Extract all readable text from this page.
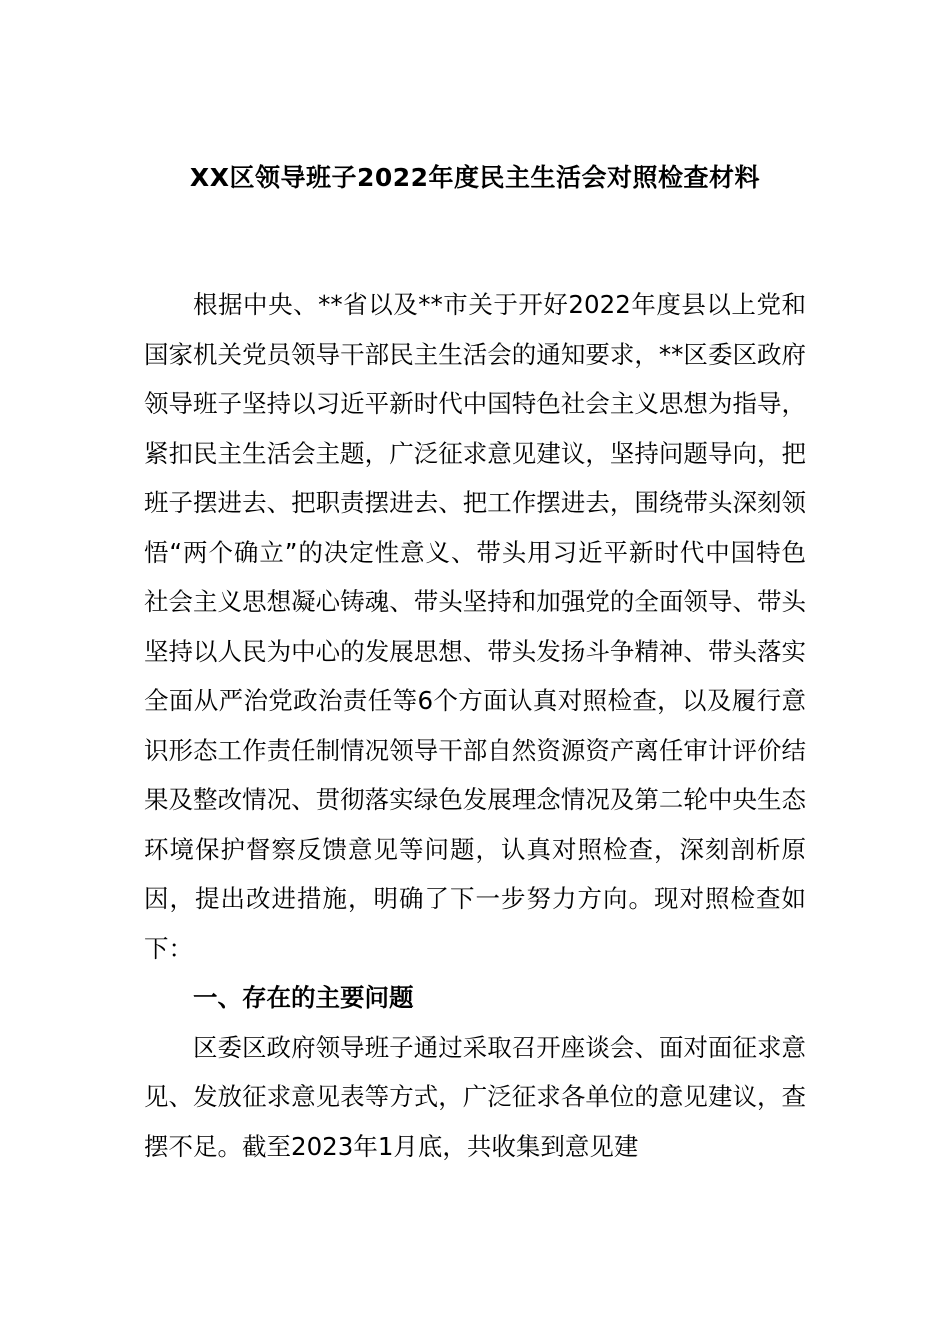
XX区领导班子2022年度民主生活会对照检查材料

根据中央、**省以及**市关于开好2022年度县以上党和国家机关党员领导干部民主生活会的通知要求，**区委区政府领导班子坚持以习近平新时代中国特色社会主义思想为指导，紧扣民主生活会主题，广泛征求意见建议，坚持问题导向，把班子摆进去、把职责摆进去、把工作摆进去，围绕带头深刻领悟“两个确立”的决定性意义、带头用习近平新时代中国特色社会主义思想凝心铸魂、带头坚持和加强党的全面领导、带头坚持以人民为中心的发展思想、带头发扬斗争精神、带头落实全面从严治党政治责任等6个方面认真对照检查，以及履行意识形态工作责任制情况领导干部自然资源资产离任审计评价结果及整改情况、贯彻落实绿色发展理念情况及第二轮中央生态环境保护督察反馈意见等问题，认真对照检查，深刻剖析原因，提出改进措施，明确了下一步努力方向。现对照检查如下：

一、存在的主要问题

区委区政府领导班子通过采取召开座谈会、面对面征求意见、发放征求意见表等方式，广泛征求各单位的意见建议，查摆不足。截至2023年1月底，共收集到意见建
